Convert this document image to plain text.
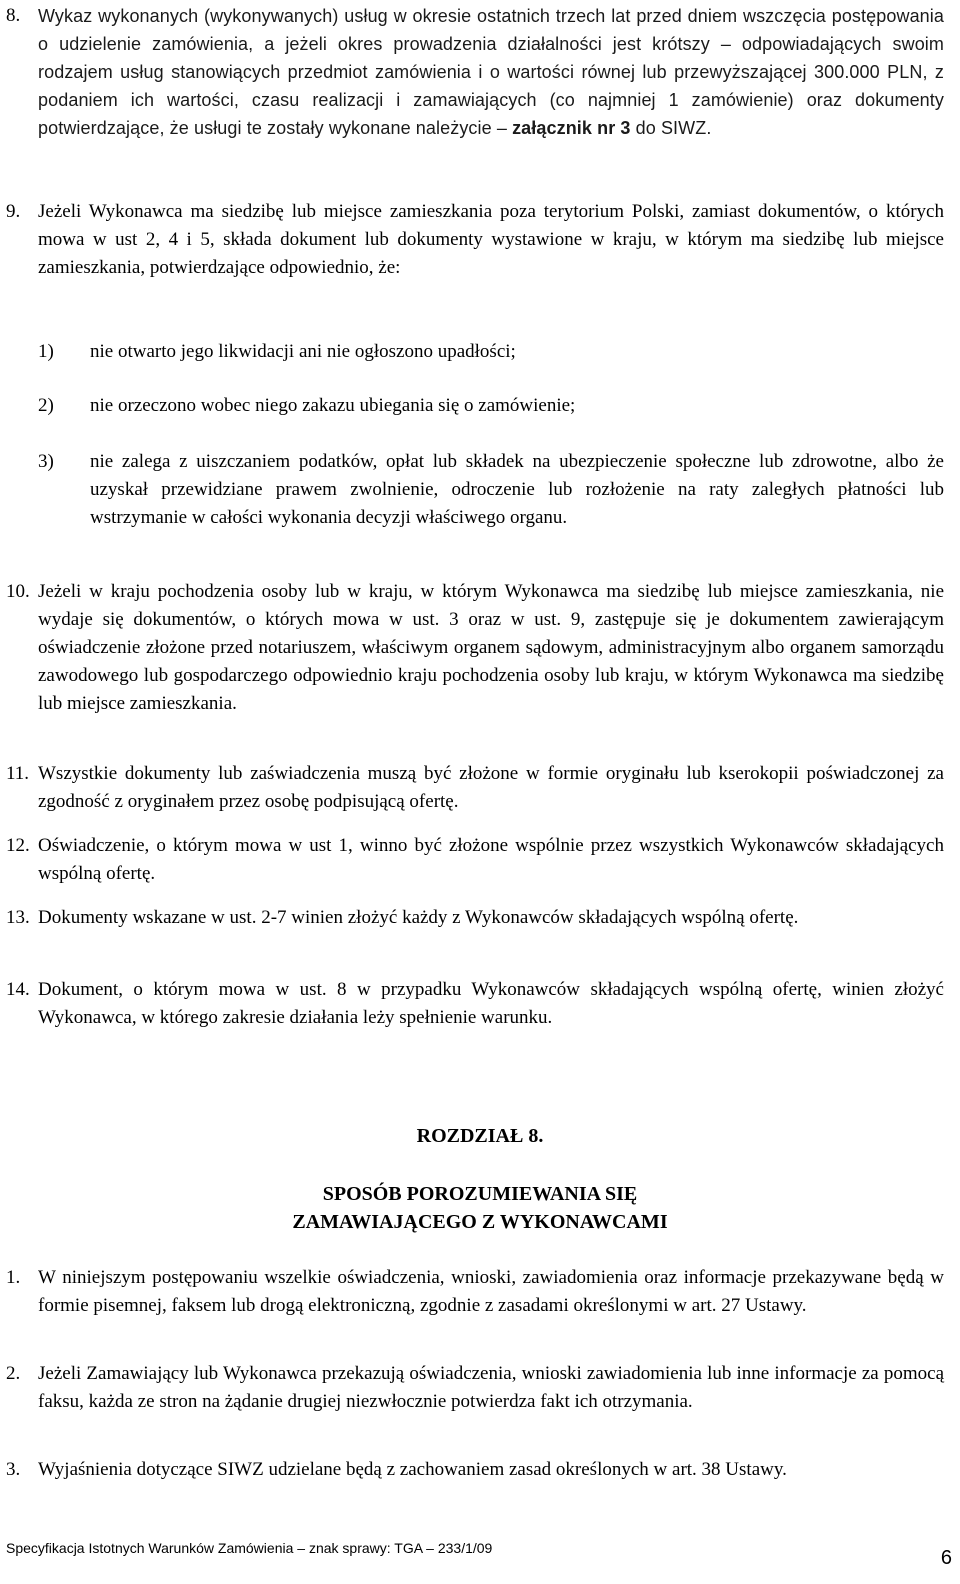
8. Wykaz wykonanych (wykonywanych) usług w okresie ostatnich trzech lat przed dniem wszczęcia postępowania o udzielenie zamówienia, a jeżeli okres prowadzenia działalności jest krótszy – odpowiadających swoim rodzajem usług stanowiących przedmiot zamówienia i o wartości równej lub przewyższającej 300.000 PLN, z podaniem ich wartości, czasu realizacji i zamawiających (co najmniej 1 zamówienie) oraz dokumenty potwierdzające, że usługi te zostały wykonane należycie – załącznik nr 3 do SIWZ.
9. Jeżeli Wykonawca ma siedzibę lub miejsce zamieszkania poza terytorium Polski, zamiast dokumentów, o których mowa w ust 2, 4 i 5, składa dokument lub dokumenty wystawione w kraju, w którym ma siedzibę lub miejsce zamieszkania, potwierdzające odpowiednio, że:
1) nie otwarto jego likwidacji ani nie ogłoszono upadłości;
2) nie orzeczono wobec niego zakazu ubiegania się o zamówienie;
3) nie zalega z uiszczaniem podatków, opłat lub składek na ubezpieczenie społeczne lub zdrowotne, albo że uzyskał przewidziane prawem zwolnienie, odroczenie lub rozłożenie na raty zaległych płatności lub wstrzymanie w całości wykonania decyzji właściwego organu.
10. Jeżeli w kraju pochodzenia osoby lub w kraju, w którym Wykonawca ma siedzibę lub miejsce zamieszkania, nie wydaje się dokumentów, o których mowa w ust. 3 oraz w ust. 9, zastępuje się je dokumentem zawierającym oświadczenie złożone przed notariuszem, właściwym organem sądowym, administracyjnym albo organem samorządu zawodowego lub gospodarczego odpowiednio kraju pochodzenia osoby lub kraju, w którym Wykonawca ma siedzibę lub miejsce zamieszkania.
11. Wszystkie dokumenty lub zaświadczenia muszą być złożone w formie oryginału lub kserokopii poświadczonej za zgodność z oryginałem przez osobę podpisującą ofertę.
12. Oświadczenie, o którym mowa w ust 1, winno być złożone wspólnie przez wszystkich Wykonawców składających wspólną ofertę.
13. Dokumenty wskazane w ust. 2-7 winien złożyć każdy z Wykonawców składających wspólną ofertę.
14. Dokument, o którym mowa w ust. 8 w przypadku Wykonawców składających wspólną ofertę, winien złożyć Wykonawca, w którego zakresie działania leży spełnienie warunku.
ROZDZIAŁ 8.
SPOSÓB POROZUMIEWANIA SIĘ
ZAMAWIAJĄCEGO Z WYKONAWCAMI
1. W niniejszym postępowaniu wszelkie oświadczenia, wnioski, zawiadomienia oraz informacje przekazywane będą w formie pisemnej, faksem lub drogą elektroniczną, zgodnie z zasadami określonymi w art. 27 Ustawy.
2. Jeżeli Zamawiający lub Wykonawca przekazują oświadczenia, wnioski zawiadomienia lub inne informacje za pomocą faksu, każda ze stron na żądanie drugiej niezwłocznie potwierdza fakt ich otrzymania.
3. Wyjaśnienia dotyczące SIWZ udzielane będą z zachowaniem zasad określonych w art. 38 Ustawy.
Specyfikacja Istotnych Warunków Zamówienia – znak sprawy: TGA – 233/1/09	6
